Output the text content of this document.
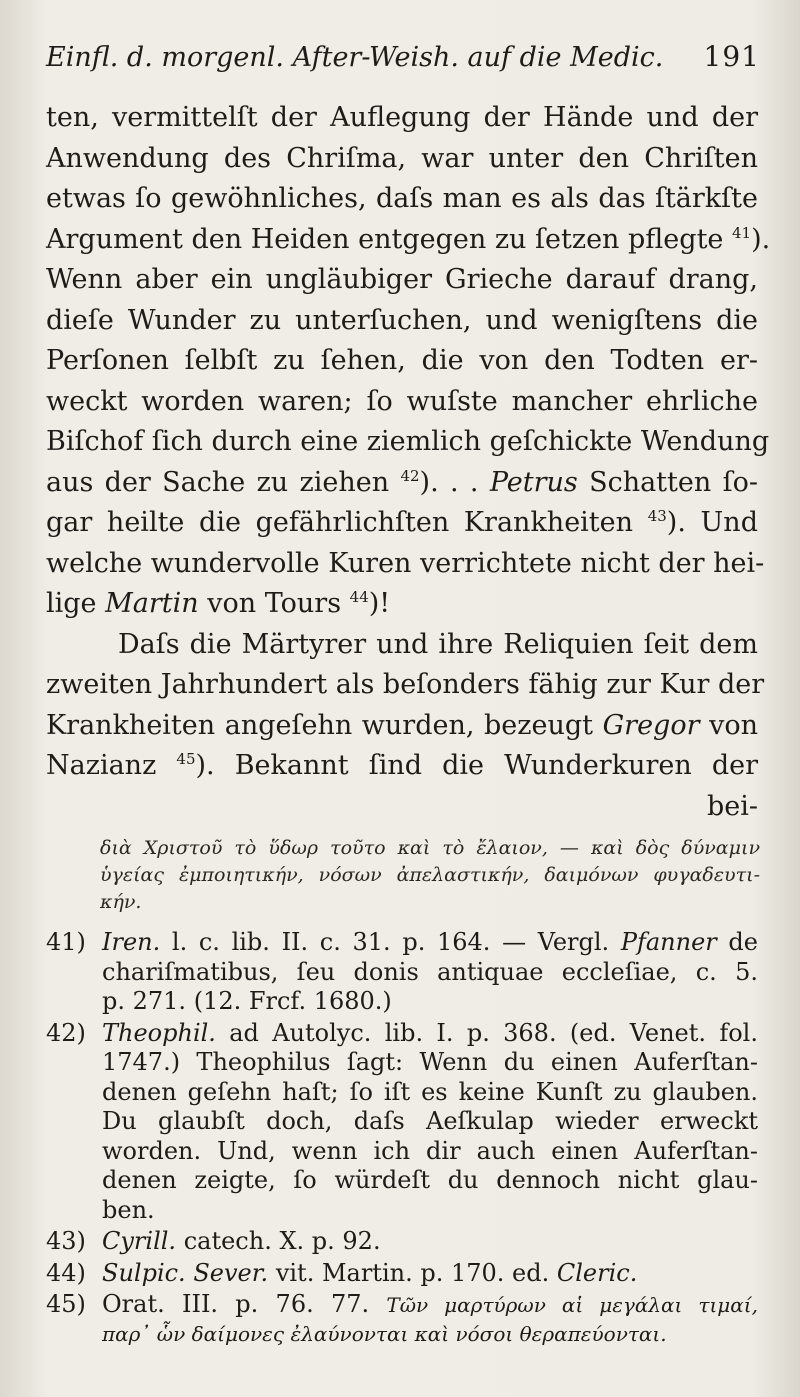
Einfl. d. morgenl. After-Weish. auf die Medic. 191
ten, vermittelſt der Auflegung der Hände und der
Anwendung des Chriſma, war unter den Chriſten
etwas ſo gewöhnliches, daſs man es als das ſtärkſte
Argument den Heiden entgegen zu ſetzen pflegte $^{41}$).
Wenn aber ein ungläubiger Grieche darauf drang,
dieſe Wunder zu unterſuchen, und wenigſtens die
Perſonen ſelbſt zu ſehen, die von den Todten er-
weckt worden waren; ſo wuſste mancher ehrliche
Biſchof ſich durch eine ziemlich geſchickte Wendung
aus der Sache zu ziehen $^{42}$). . . Petrus Schatten ſo-
gar heilte die gefährlichſten Krankheiten $^{43}$). Und
welche wundervolle Kuren verrichtete nicht der hei-
lige Martin von Tours $^{44}$)!
Daſs die Märtyrer und ihre Reliquien ſeit dem
zweiten Jahrhundert als beſonders fähig zur Kur der
Krankheiten angeſehn wurden, bezeugt Gregor von
Nazianz $^{45}$). Bekannt ſind die Wunderkuren der
bei-
διὰ Χριστοῦ τὸ ὕδωρ τοῦτο καὶ τὸ ἔλαιον, — καὶ δὸς δύναμιν
ὑγείας ἐμποιητικήν, νόσων ἀπελαστικήν, δαιμόνων φυγαδευτι-
κήν.
41) Iren. l. c. lib. II. c. 31. p. 164. — Vergl. Pfanner de
chariſmatibus, ſeu donis antiquae eccleſiae, c. 5.
p. 271. (12. Frcf. 1680.)
42) Theophil. ad Autolyc. lib. I. p. 368. (ed. Venet. fol.
1747.) Theophilus ſagt: Wenn du einen Auferſtan-
denen geſehn haſt; ſo iſt es keine Kunſt zu glauben.
Du glaubſt doch, daſs Aeſkulap wieder erweckt
worden. Und, wenn ich dir auch einen Auferſtan-
denen zeigte, ſo würdeſt du dennoch nicht glau-
ben.
43) Cyrill. catech. X. p. 92.
44) Sulpic. Sever. vit. Martin. p. 170. ed. Cleric.
45) Orat. III. p. 76. 77. Τῶν μαρτύρων αἱ μεγάλαι τιμαί,
παρ᾽ ὧν δαίμονες ἐλαύνονται καὶ νόσοι θεραπεύονται.
